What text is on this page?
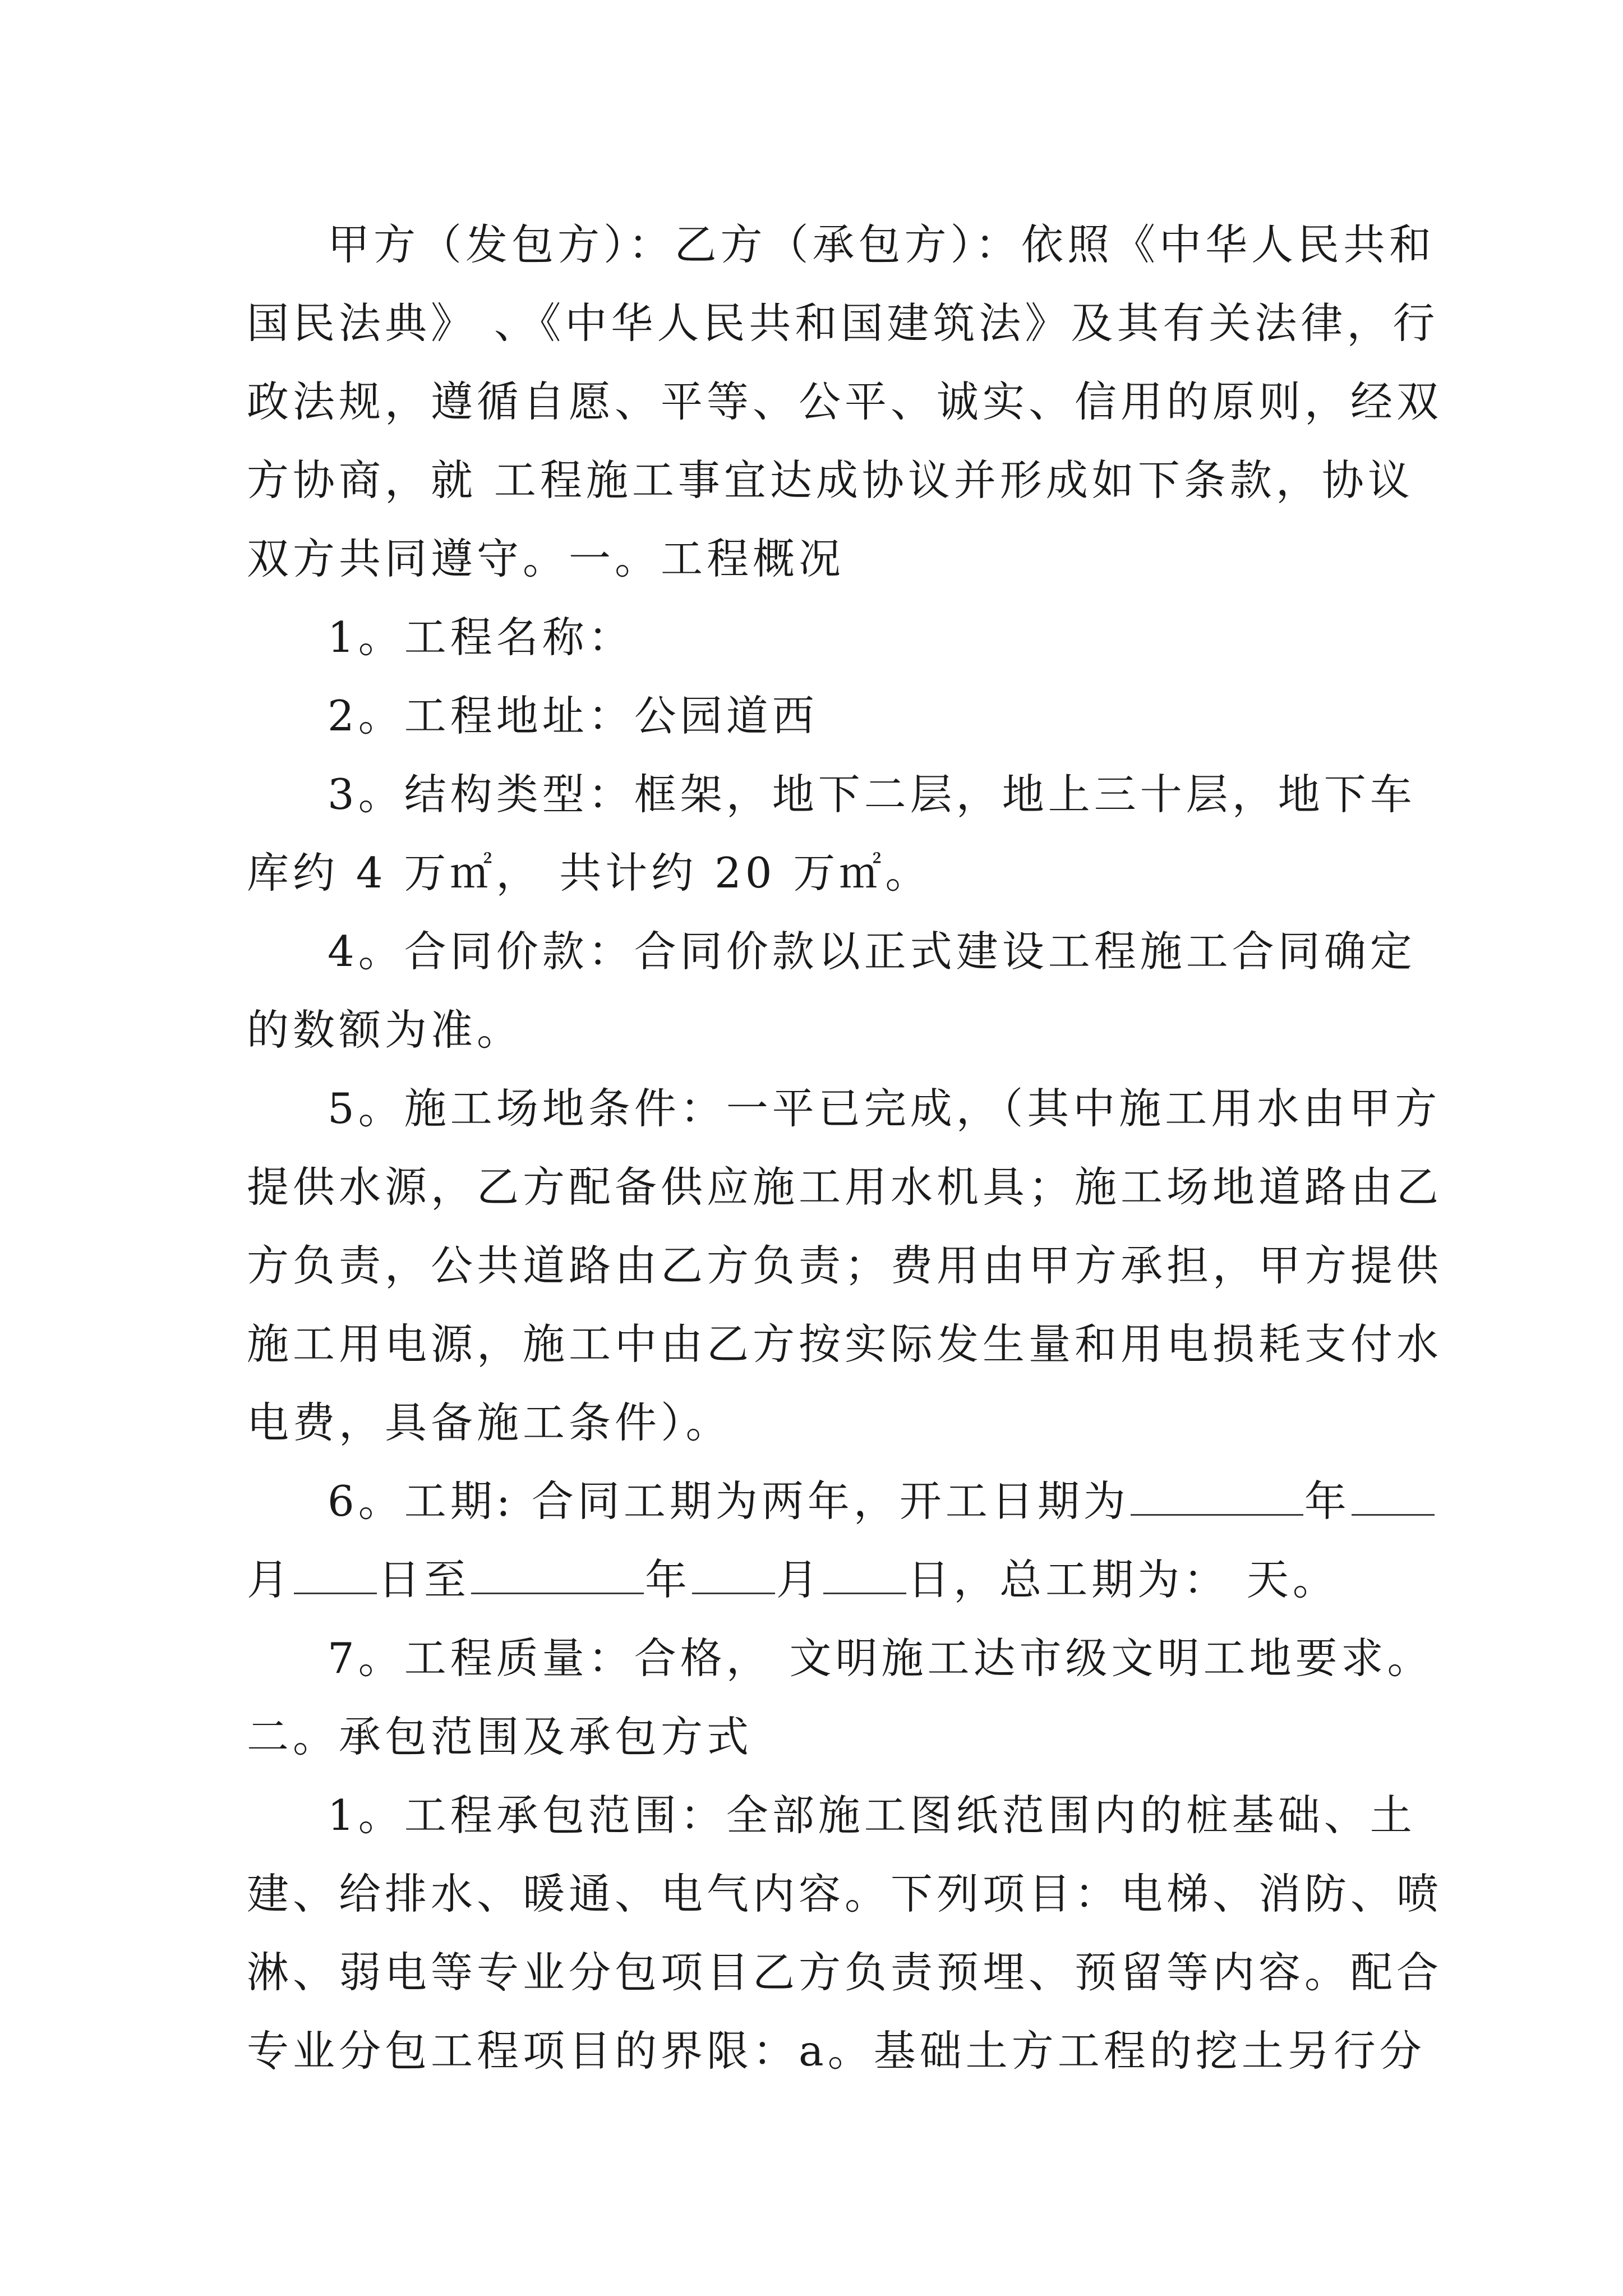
甲方（发包方）：乙方（承包方）：依照《中华人民共和
国民法典》 、《中华人民共和国建筑法》及其有关法律，行
政法规，遵循自愿、平等、公平、诚实、信用的原则，经双
方协商，就 工程施工事宜达成协议并形成如下条款，协议
双方共同遵守。一。工程概况
1。工程名称：
2。工程地址：公园道西
3。结构类型：框架，地下二层，地上三十层，地下车
库约 4 万㎡， 共计约 20 万㎡。
4。合同价款：合同价款以正式建设工程施工合同确定
的数额为准。
5。施工场地条件：一平已完成，（其中施工用水由甲方
提供水源，乙方配备供应施工用水机具；施工场地道路由乙
方负责，公共道路由乙方负责；费用由甲方承担，甲方提供
施工用电源，施工中由乙方按实际发生量和用电损耗支付水
电费，具备施工条件）。
6。工期: 合同工期为两年，开工日期为	年
月 日至	年 月 日，总工期为： 天。
7。工程质量：合格， 文明施工达市级文明工地要求。
二。承包范围及承包方式
1。工程承包范围：全部施工图纸范围内的桩基础、土
建、给排水、暖通、电气内容。下列项目：电梯、消防、喷
淋、弱电等专业分包项目乙方负责预埋、预留等内容。配合
专业分包工程项目的界限：a。基础土方工程的挖土另行分
